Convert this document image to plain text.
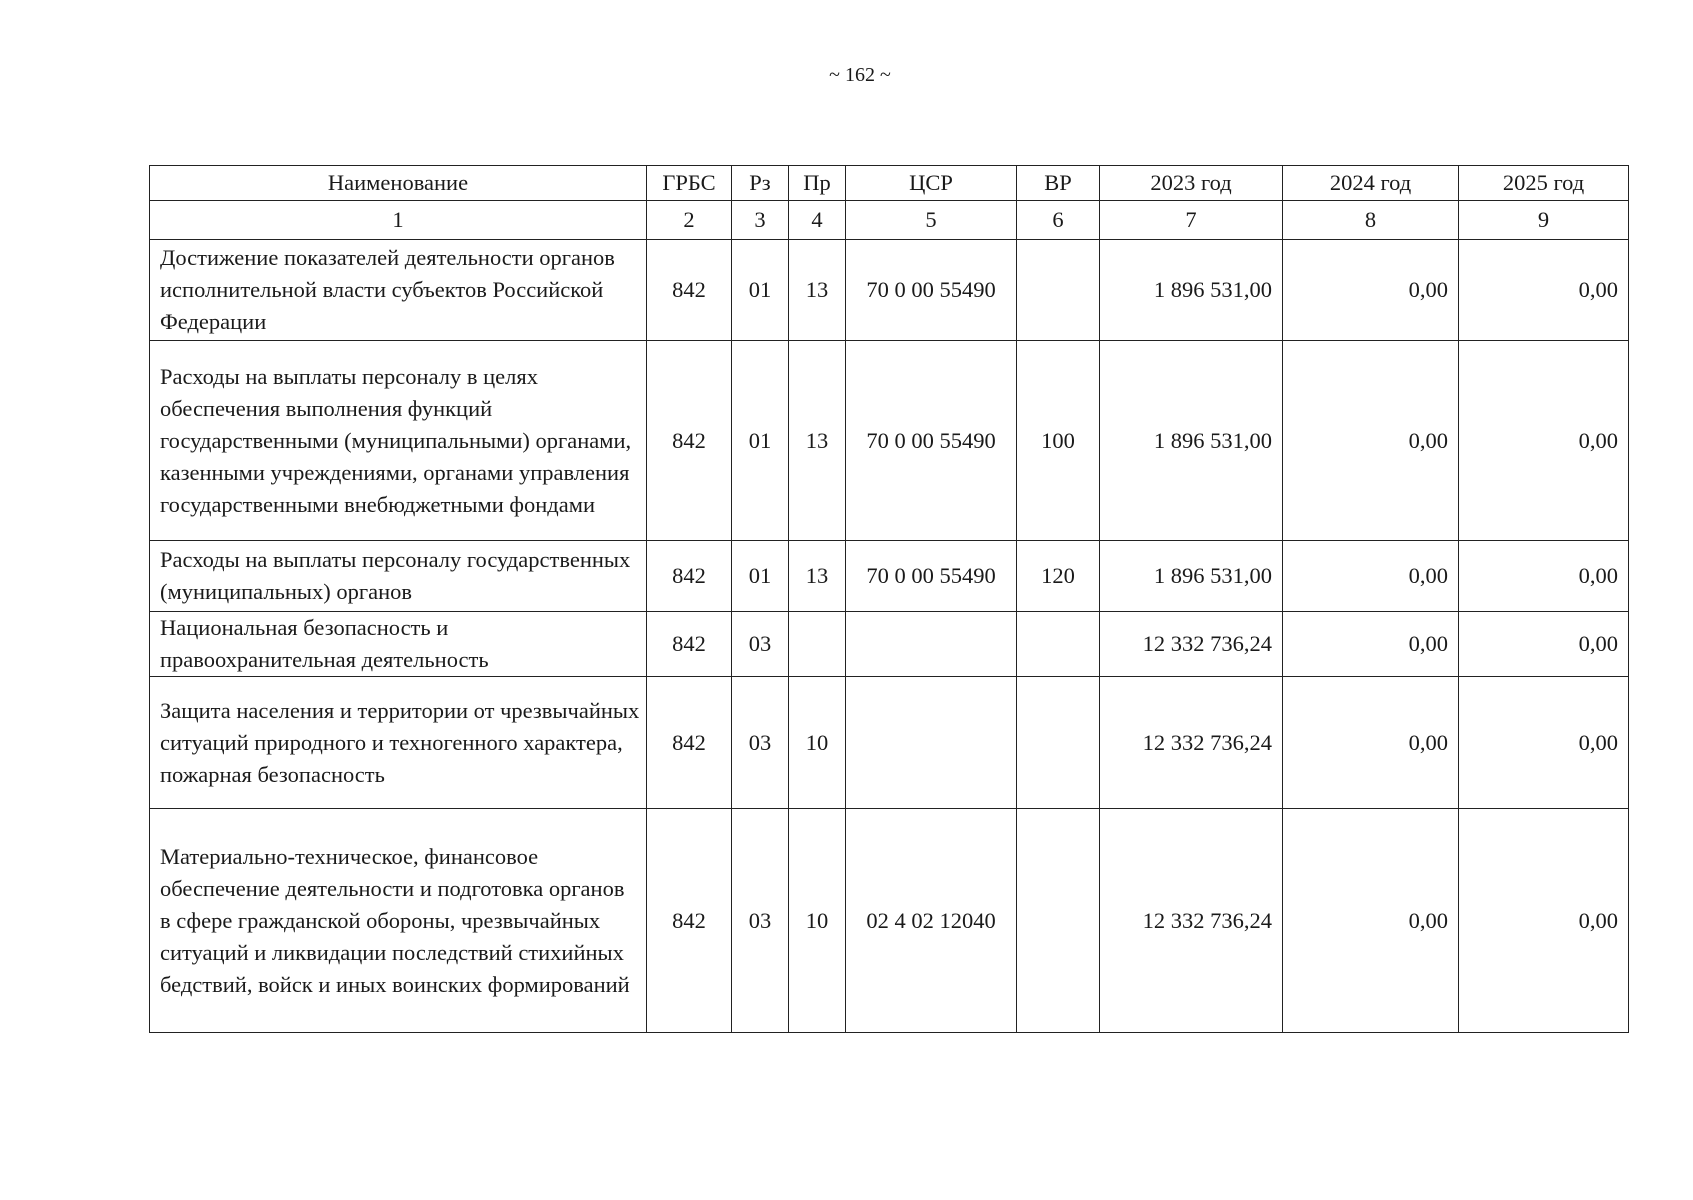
~ 162 ~
Наименование	ГРБС	Рз	Пр	ЦСР	ВР	2023 год	2024 год	2025 год
1	2	3	4	5	6	7	8	9
Достижение показателей деятельности органов исполнительной власти субъектов Российской Федерации	842	01	13	70 0 00 55490		1 896 531,00	0,00	0,00
Расходы на выплаты персоналу в целях обеспечения выполнения функций государственными (муниципальными) органами, казенными учреждениями, органами управления государственными внебюджетными фондами	842	01	13	70 0 00 55490	100	1 896 531,00	0,00	0,00
Расходы на выплаты персоналу государственных (муниципальных) органов	842	01	13	70 0 00 55490	120	1 896 531,00	0,00	0,00
Национальная безопасность и правоохранительная деятельность	842	03				12 332 736,24	0,00	0,00
Защита населения и территории от чрезвычайных ситуаций природного и техногенного характера, пожарная безопасность	842	03	10			12 332 736,24	0,00	0,00
Материально-техническое, финансовое обеспечение деятельности и подготовка органов в сфере гражданской обороны, чрезвычайных ситуаций и ликвидации последствий стихийных бедствий, войск и иных воинских формирований	842	03	10	02 4 02 12040		12 332 736,24	0,00	0,00
